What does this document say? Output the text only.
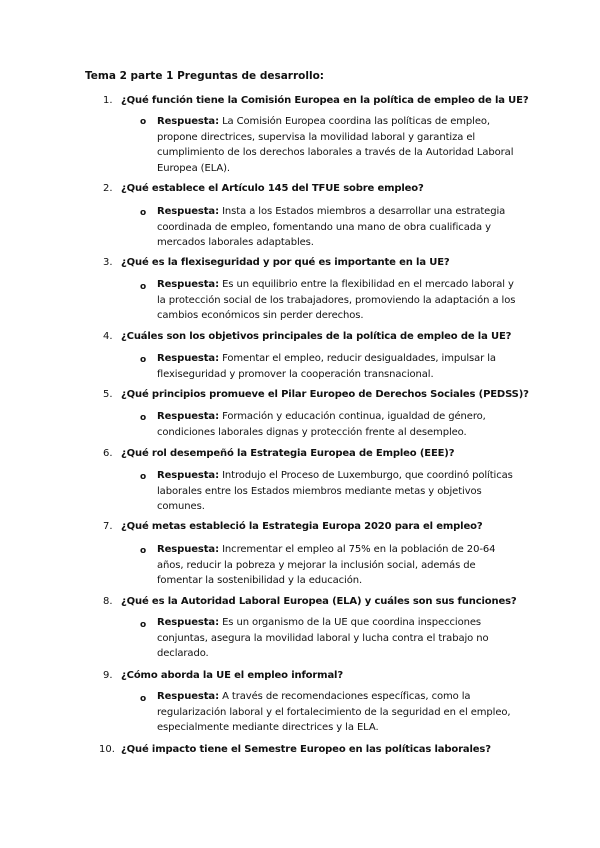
Tema 2 parte 1 Preguntas de desarrollo:
1. ¿Qué función tiene la Comisión Europea en la política de empleo de la UE?
o Respuesta: La Comisión Europea coordina las políticas de empleo, propone directrices, supervisa la movilidad laboral y garantiza el cumplimiento de los derechos laborales a través de la Autoridad Laboral Europea (ELA).
2. ¿Qué establece el Artículo 145 del TFUE sobre empleo?
o Respuesta: Insta a los Estados miembros a desarrollar una estrategia coordinada de empleo, fomentando una mano de obra cualificada y mercados laborales adaptables.
3. ¿Qué es la flexiseguridad y por qué es importante en la UE?
o Respuesta: Es un equilibrio entre la flexibilidad en el mercado laboral y la protección social de los trabajadores, promoviendo la adaptación a los cambios económicos sin perder derechos.
4. ¿Cuáles son los objetivos principales de la política de empleo de la UE?
o Respuesta: Fomentar el empleo, reducir desigualdades, impulsar la flexiseguridad y promover la cooperación transnacional.
5. ¿Qué principios promueve el Pilar Europeo de Derechos Sociales (PEDSS)?
o Respuesta: Formación y educación continua, igualdad de género, condiciones laborales dignas y protección frente al desempleo.
6. ¿Qué rol desempeñó la Estrategia Europea de Empleo (EEE)?
o Respuesta: Introdujo el Proceso de Luxemburgo, que coordinó políticas laborales entre los Estados miembros mediante metas y objetivos comunes.
7. ¿Qué metas estableció la Estrategia Europa 2020 para el empleo?
o Respuesta: Incrementar el empleo al 75% en la población de 20-64 años, reducir la pobreza y mejorar la inclusión social, además de fomentar la sostenibilidad y la educación.
8. ¿Qué es la Autoridad Laboral Europea (ELA) y cuáles son sus funciones?
o Respuesta: Es un organismo de la UE que coordina inspecciones conjuntas, asegura la movilidad laboral y lucha contra el trabajo no declarado.
9. ¿Cómo aborda la UE el empleo informal?
o Respuesta: A través de recomendaciones específicas, como la regularización laboral y el fortalecimiento de la seguridad en el empleo, especialmente mediante directrices y la ELA.
10. ¿Qué impacto tiene el Semestre Europeo en las políticas laborales?
